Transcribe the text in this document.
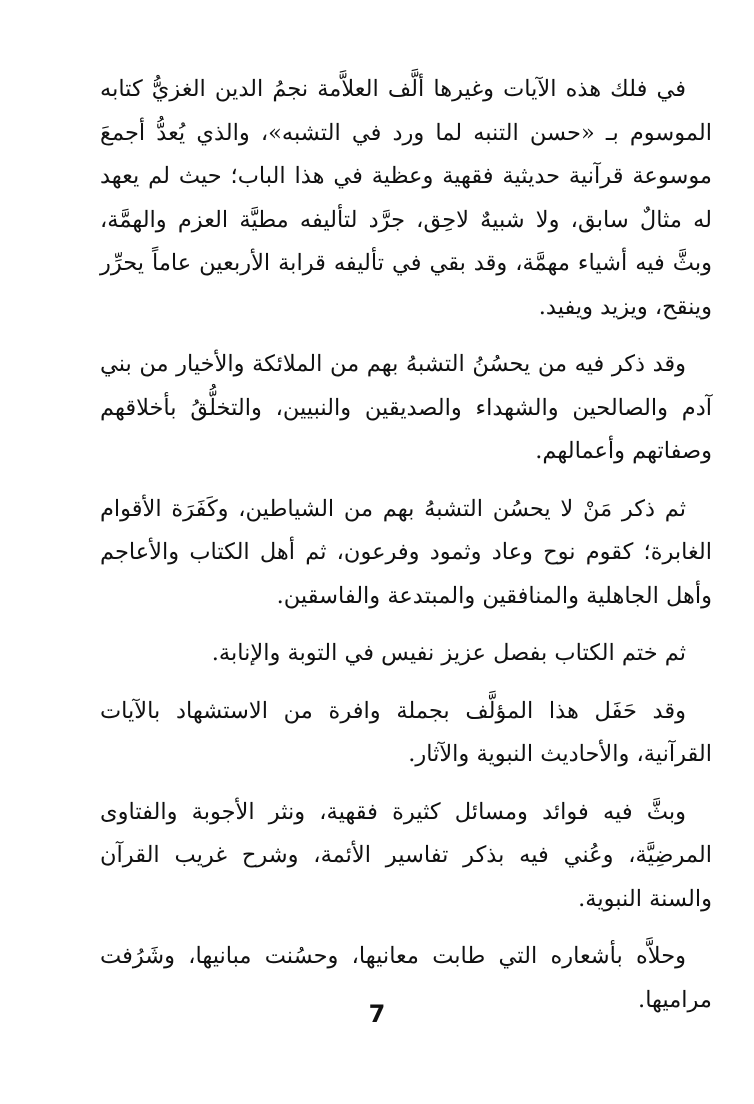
في فلك هذه الآيات وغيرها ألَّف العلاَّمة نجمُ الدين الغزيُّ كتابه الموسوم بـ «حسن التنبه لما ورد في التشبه»، والذي يُعدُّ أجمعَ موسوعة قرآنية حديثية فقهية وعظية في هذا الباب؛ حيث لم يعهد له مثالٌ سابق، ولا شبيهٌ لاحِق، جرَّد لتأليفه مطيَّة العزم والهمَّة، وبثَّ فيه أشياء مهمَّة، وقد بقي في تأليفه قرابة الأربعين عاماً يحرِّر وينقح، ويزيد ويفيد.

وقد ذكر فيه من يحسُنُ التشبهُ بهم من الملائكة والأخيار من بني آدم والصالحين والشهداء والصديقين والنبيين، والتخلُّقُ بأخلاقهم وصفاتهم وأعمالهم.

ثم ذكر مَنْ لا يحسُن التشبهُ بهم من الشياطين، وكَفَرَة الأقوام الغابرة؛ كقوم نوح وعاد وثمود وفرعون، ثم أهل الكتاب والأعاجم وأهل الجاهلية والمنافقين والمبتدعة والفاسقين.

ثم ختم الكتاب بفصل عزيز نفيس في التوبة والإنابة.

وقد حَفَل هذا المؤلَّف بجملة وافرة من الاستشهاد بالآيات القرآنية، والأحاديث النبوية والآثار.

وبثَّ فيه فوائد ومسائل كثيرة فقهية، ونثر الأجوبة والفتاوى المرضِيَّة، وعُني فيه بذكر تفاسير الأئمة، وشرح غريب القرآن والسنة النبوية.

وحلاَّه بأشعاره التي طابت معانيها، وحسُنت مبانيها، وشَرُفت مراميها.

7
